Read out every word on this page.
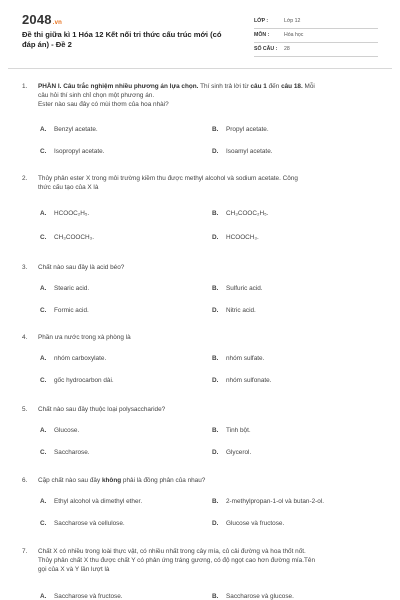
2048.vn
Đề thi giữa kì 1 Hóa 12 Kết nối tri thức cấu trúc mới (có đáp án) - Đề 2
LỚP :	Lớp 12
MÔN :	Hóa học
SỐ CÂU : 28
1. PHẦN I. Câu trắc nghiệm nhiều phương án lựa chọn. Thí sinh trả lời từ câu 1 đến câu 18. Mỗi
câu hỏi thí sinh chỉ chọn một phương án.
Ester nào sau đây có mùi thơm của hoa nhài?
A. Benzyl acetate.	B. Propyl acetate.
C. Isopropyl acetate.	D. Isoamyl acetate.
2. Thủy phân ester X trong môi trường kiềm thu được methyl alcohol và sodium acetate. Công
thức cấu tạo của X là
A. HCOOC₂H₅.	B. CH₃COOC₂H₅.
C. CH₃COOCH₃.	D. HCOOCH₃.
3. Chất nào sau đây là acid béo?
A. Stearic acid.	B. Sulfuric acid.
C. Formic acid.	D. Nitric acid.
4. Phần ưa nước trong xà phòng là
A. nhóm carboxylate.	B. nhóm sulfate.
C. gốc hydrocarbon dài.	D. nhóm sulfonate.
5. Chất nào sau đây thuộc loại polysaccharide?
A. Glucose.	B. Tinh bột.
C. Saccharose.	D. Glycerol.
6. Cặp chất nào sau đây không phải là đồng phân của nhau?
A. Ethyl alcohol và dimethyl ether.	B. 2-methylpropan-1-ol và butan-2-ol.
C. Saccharose và cellulose.	D. Glucose và fructose.
7. Chất X có nhiều trong loài thực vật, có nhiều nhất trong cây mía, củ cải đường và hoa thốt nốt.
Thủy phân chất X thu được chất Y có phản ứng tráng gương, có độ ngọt cao hơn đường mía.Tên
gọi của X và Y lần lượt là
A. Saccharose và fructose.	B. Saccharose và glucose.
